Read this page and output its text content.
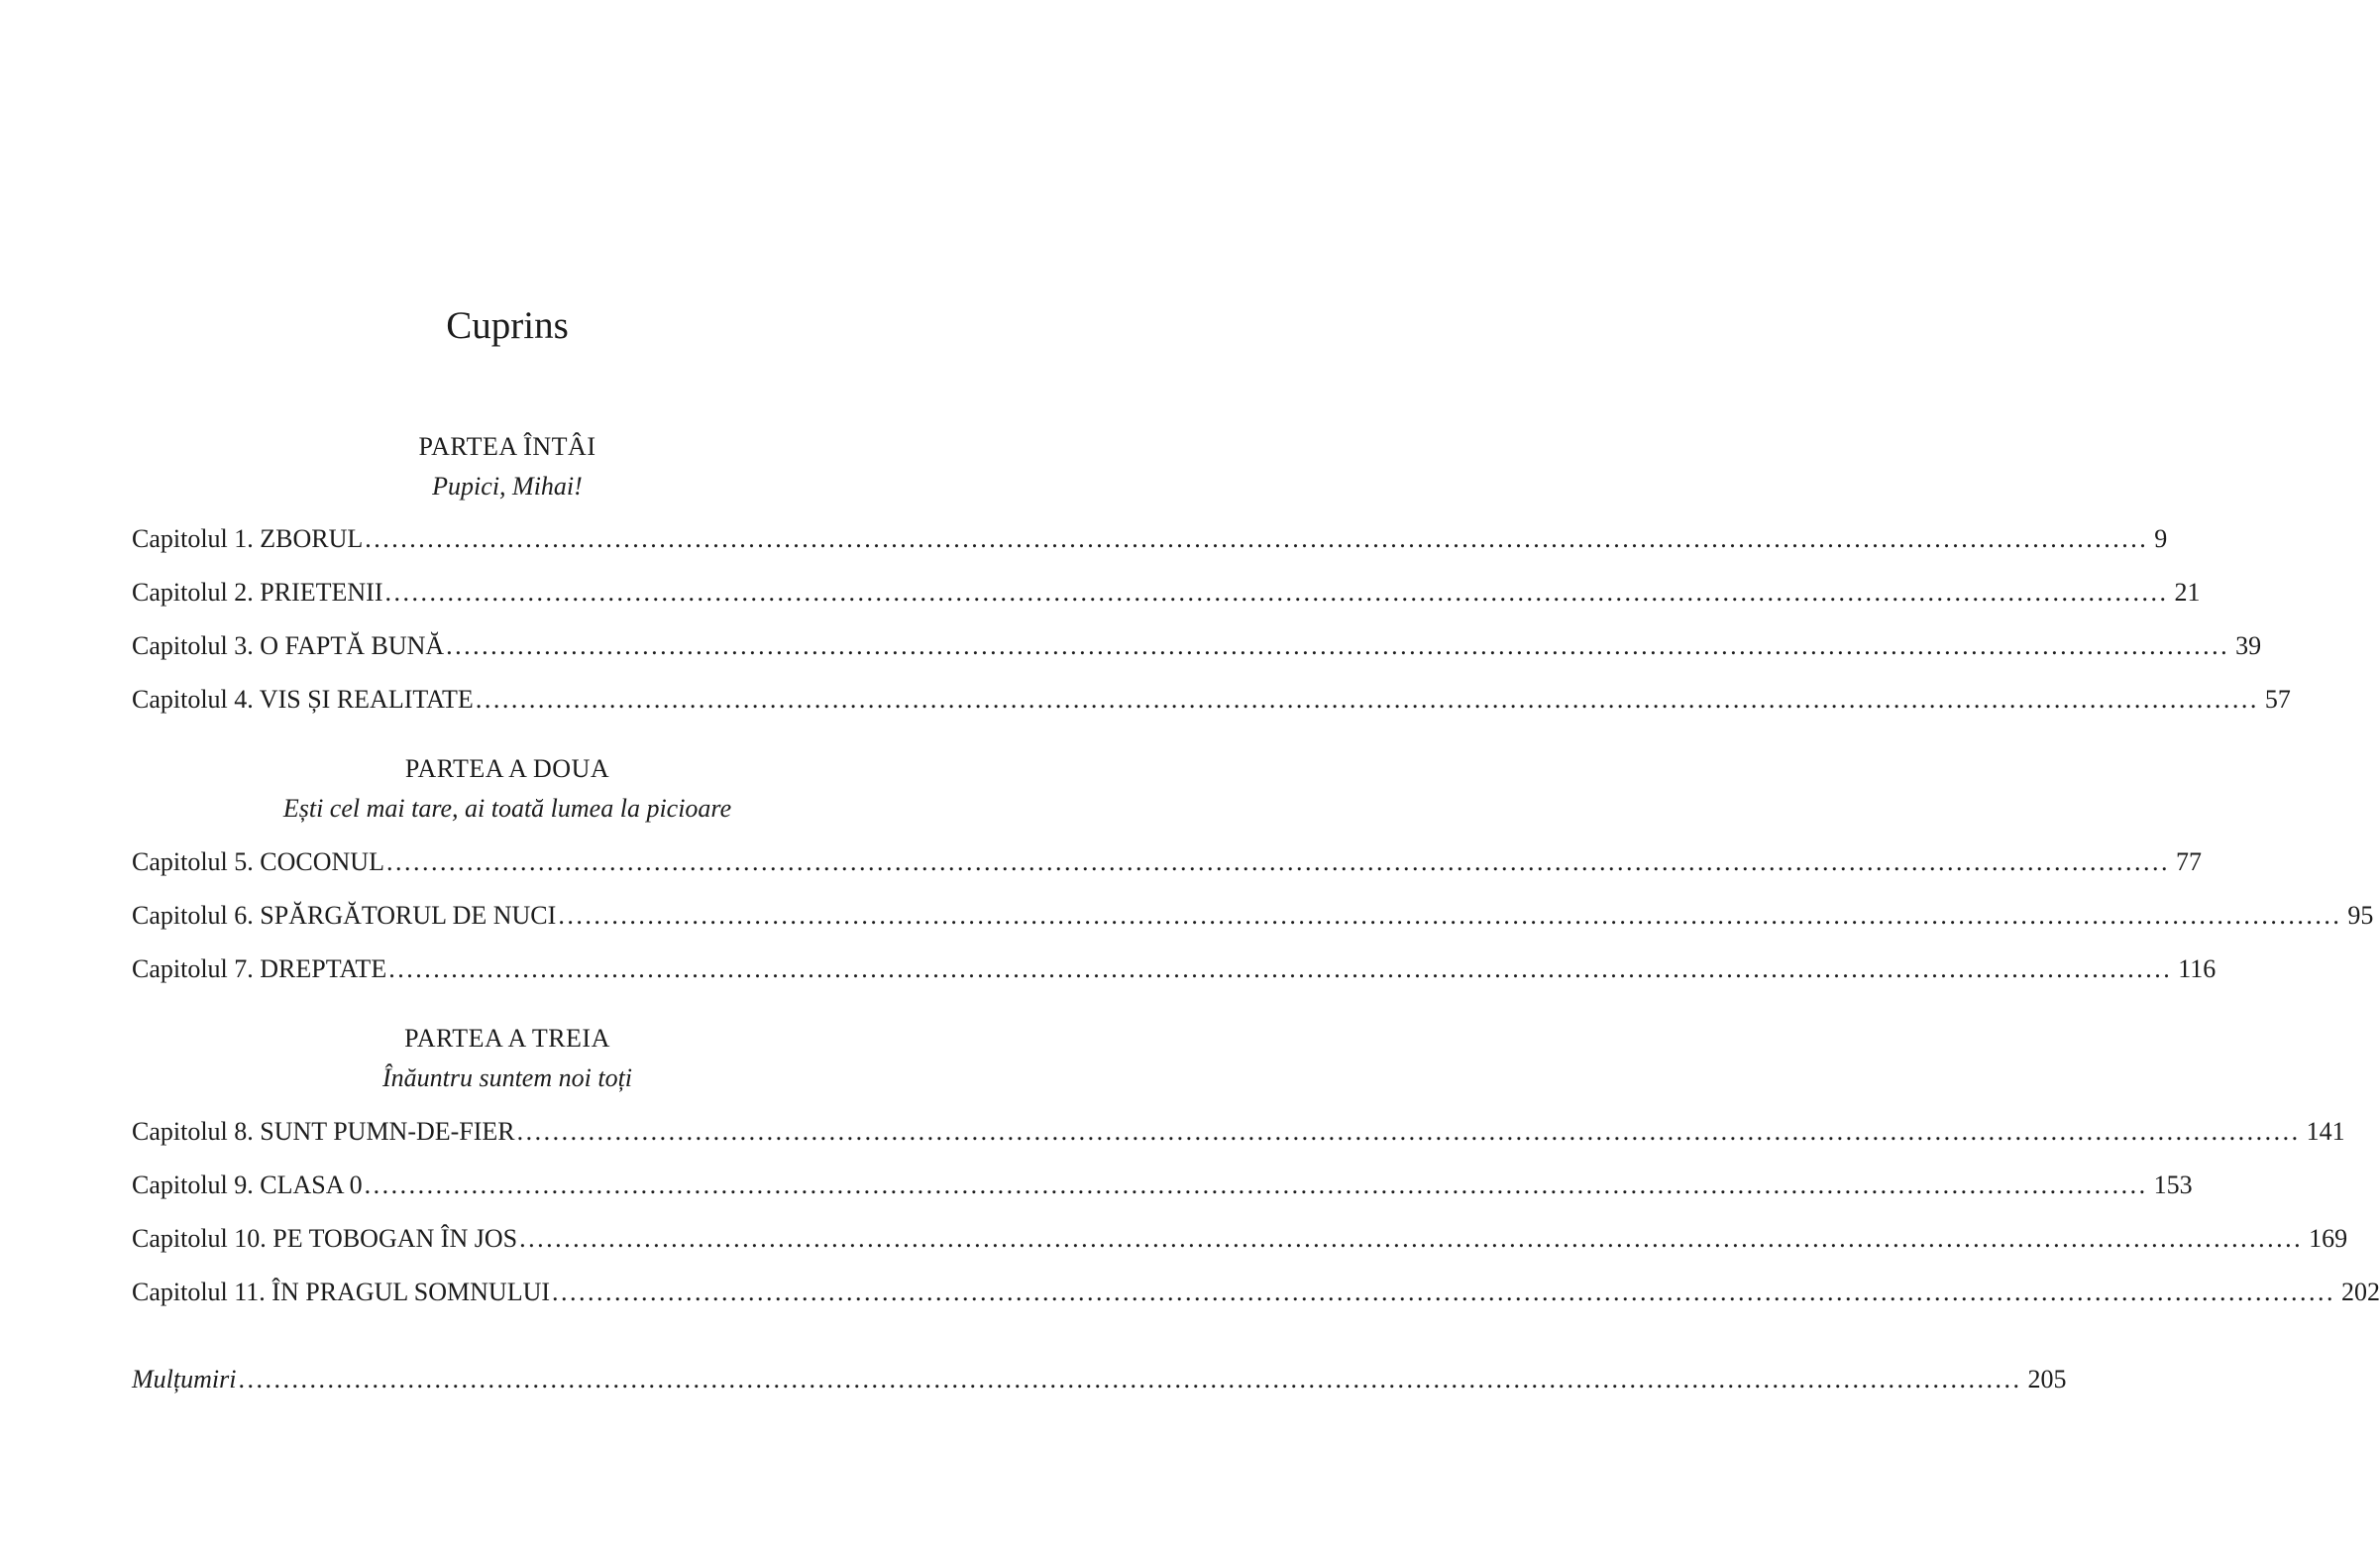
Cuprins
PARTEA ÎNTÂI
Pupici, Mihai!
Capitolul 1. ZBORUL ........................................................................................................................................................................................................ 9
Capitolul 2. PRIETENII ........................................................................................................................................................................................................ 21
Capitolul 3. O FAPTĂ BUNĂ ........................................................................................................................................................................................................ 39
Capitolul 4. VIS ȘI REALITATE ........................................................................................................................................................................................................ 57
PARTEA A DOUA
Ești cel mai tare, ai toată lumea la picioare
Capitolul 5. COCONUL ........................................................................................................................................................................................................ 77
Capitolul 6. SPĂRGĂTORUL DE NUCI ........................................................................................................................................................................................................ 95
Capitolul 7. DREPTATE ........................................................................................................................................................................................................ 116
PARTEA A TREIA
Înăuntru suntem noi toți
Capitolul 8. SUNT PUMN-DE-FIER ........................................................................................................................................................................................................ 141
Capitolul 9. CLASA 0 ........................................................................................................................................................................................................ 153
Capitolul 10. PE TOBOGAN ÎN JOS ........................................................................................................................................................................................................ 169
Capitolul 11. ÎN PRAGUL SOMNULUI ........................................................................................................................................................................................................ 202
Mulțumiri ........................................................................................................................................................................................................ 205
